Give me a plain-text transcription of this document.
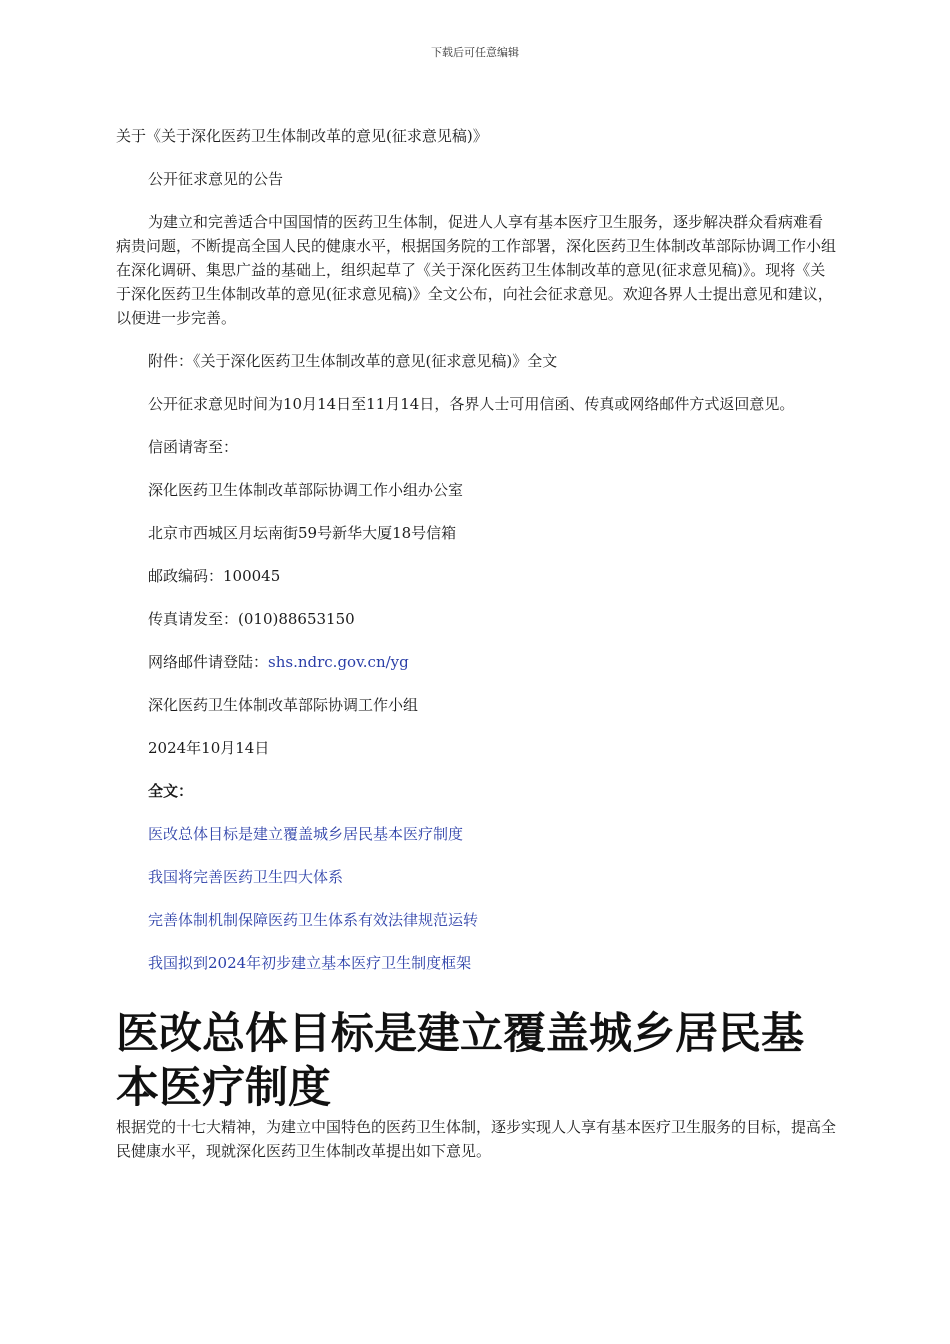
下载后可任意编辑

关于《关于深化医药卫生体制改革的意见(征求意见稿)》

公开征求意见的公告

为建立和完善适合中国国情的医药卫生体制，促进人人享有基本医疗卫生服务，逐步解决群众看病难看病贵问题，不断提高全国人民的健康水平，根据国务院的工作部署，深化医药卫生体制改革部际协调工作小组在深化调研、集思广益的基础上，组织起草了《关于深化医药卫生体制改革的意见(征求意见稿)》。现将《关于深化医药卫生体制改革的意见(征求意见稿)》全文公布，向社会征求意见。欢迎各界人士提出意见和建议，以便进一步完善。

附件：《关于深化医药卫生体制改革的意见(征求意见稿)》全文

公开征求意见时间为10月14日至11月14日，各界人士可用信函、传真或网络邮件方式返回意见。

信函请寄至：

深化医药卫生体制改革部际协调工作小组办公室

北京市西城区月坛南街59号新华大厦18号信箱

邮政编码：100045

传真请发至：(010)88653150

网络邮件请登陆：shs.ndrc.gov.cn/yg

深化医药卫生体制改革部际协调工作小组

2024年10月14日

全文：

医改总体目标是建立覆盖城乡居民基本医疗制度

我国将完善医药卫生四大体系

完善体制机制保障医药卫生体系有效法律规范运转

我国拟到2024年初步建立基本医疗卫生制度框架

医改总体目标是建立覆盖城乡居民基本医疗制度

根据党的十七大精神，为建立中国特色的医药卫生体制，逐步实现人人享有基本医疗卫生服务的目标，提高全民健康水平，现就深化医药卫生体制改革提出如下意见。
